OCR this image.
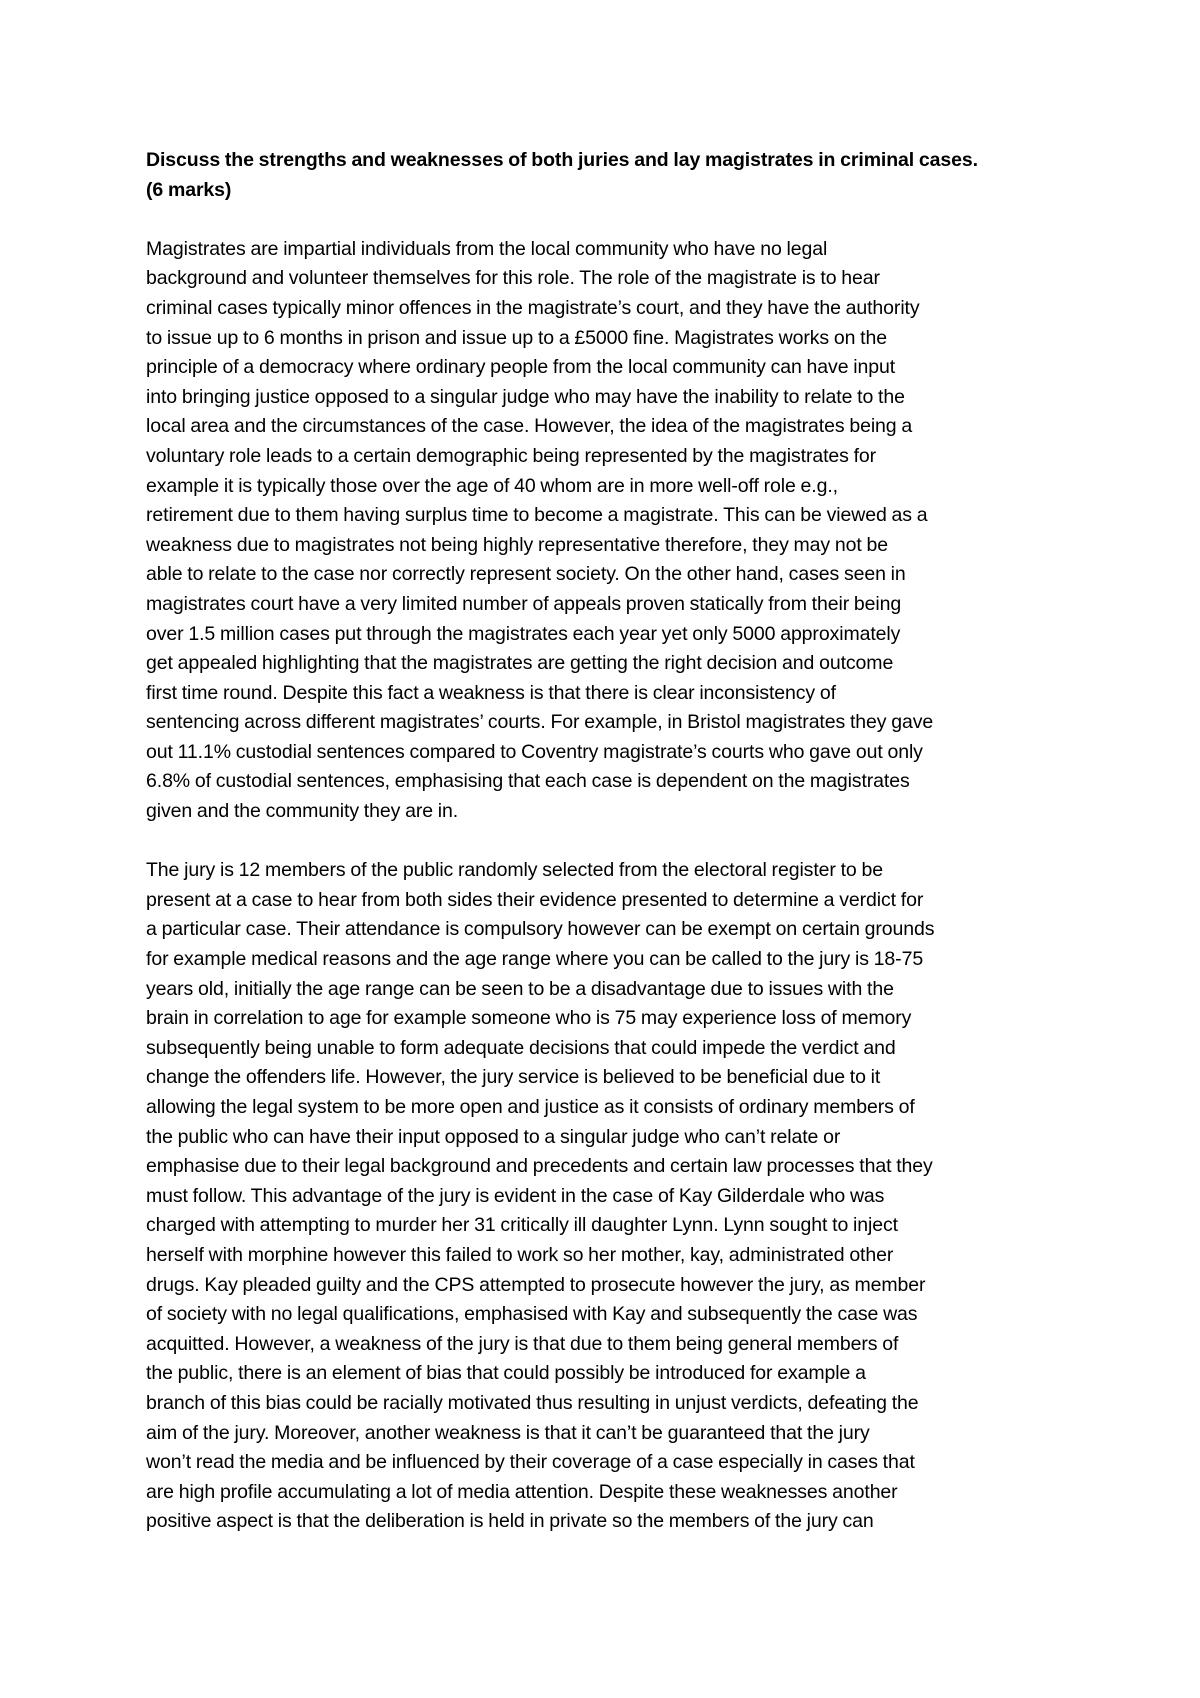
Discuss the strengths and weaknesses of both juries and lay magistrates in criminal cases.
(6 marks)

Magistrates are impartial individuals from the local community who have no legal
background and volunteer themselves for this role. The role of the magistrate is to hear
criminal cases typically minor offences in the magistrate’s court, and they have the authority
to issue up to 6 months in prison and issue up to a £5000 fine. Magistrates works on the
principle of a democracy where ordinary people from the local community can have input
into bringing justice opposed to a singular judge who may have the inability to relate to the
local area and the circumstances of the case. However, the idea of the magistrates being a
voluntary role leads to a certain demographic being represented by the magistrates for
example it is typically those over the age of 40 whom are in more well-off role e.g.,
retirement due to them having surplus time to become a magistrate. This can be viewed as a
weakness due to magistrates not being highly representative therefore, they may not be
able to relate to the case nor correctly represent society. On the other hand, cases seen in
magistrates court have a very limited number of appeals proven statically from their being
over 1.5 million cases put through the magistrates each year yet only 5000 approximately
get appealed highlighting that the magistrates are getting the right decision and outcome
first time round. Despite this fact a weakness is that there is clear inconsistency of
sentencing across different magistrates’ courts. For example, in Bristol magistrates they gave
out 11.1% custodial sentences compared to Coventry magistrate’s courts who gave out only
6.8% of custodial sentences, emphasising that each case is dependent on the magistrates
given and the community they are in.

The jury is 12 members of the public randomly selected from the electoral register to be
present at a case to hear from both sides their evidence presented to determine a verdict for
a particular case. Their attendance is compulsory however can be exempt on certain grounds
for example medical reasons and the age range where you can be called to the jury is 18-75
years old, initially the age range can be seen to be a disadvantage due to issues with the
brain in correlation to age for example someone who is 75 may experience loss of memory
subsequently being unable to form adequate decisions that could impede the verdict and
change the offenders life. However, the jury service is believed to be beneficial due to it
allowing the legal system to be more open and justice as it consists of ordinary members of
the public who can have their input opposed to a singular judge who can’t relate or
emphasise due to their legal background and precedents and certain law processes that they
must follow. This advantage of the jury is evident in the case of Kay Gilderdale who was
charged with attempting to murder her 31 critically ill daughter Lynn. Lynn sought to inject
herself with morphine however this failed to work so her mother, kay, administrated other
drugs. Kay pleaded guilty and the CPS attempted to prosecute however the jury, as member
of society with no legal qualifications, emphasised with Kay and subsequently the case was
acquitted. However, a weakness of the jury is that due to them being general members of
the public, there is an element of bias that could possibly be introduced for example a
branch of this bias could be racially motivated thus resulting in unjust verdicts, defeating the
aim of the jury. Moreover, another weakness is that it can’t be guaranteed that the jury
won’t read the media and be influenced by their coverage of a case especially in cases that
are high profile accumulating a lot of media attention. Despite these weaknesses another
positive aspect is that the deliberation is held in private so the members of the jury can
